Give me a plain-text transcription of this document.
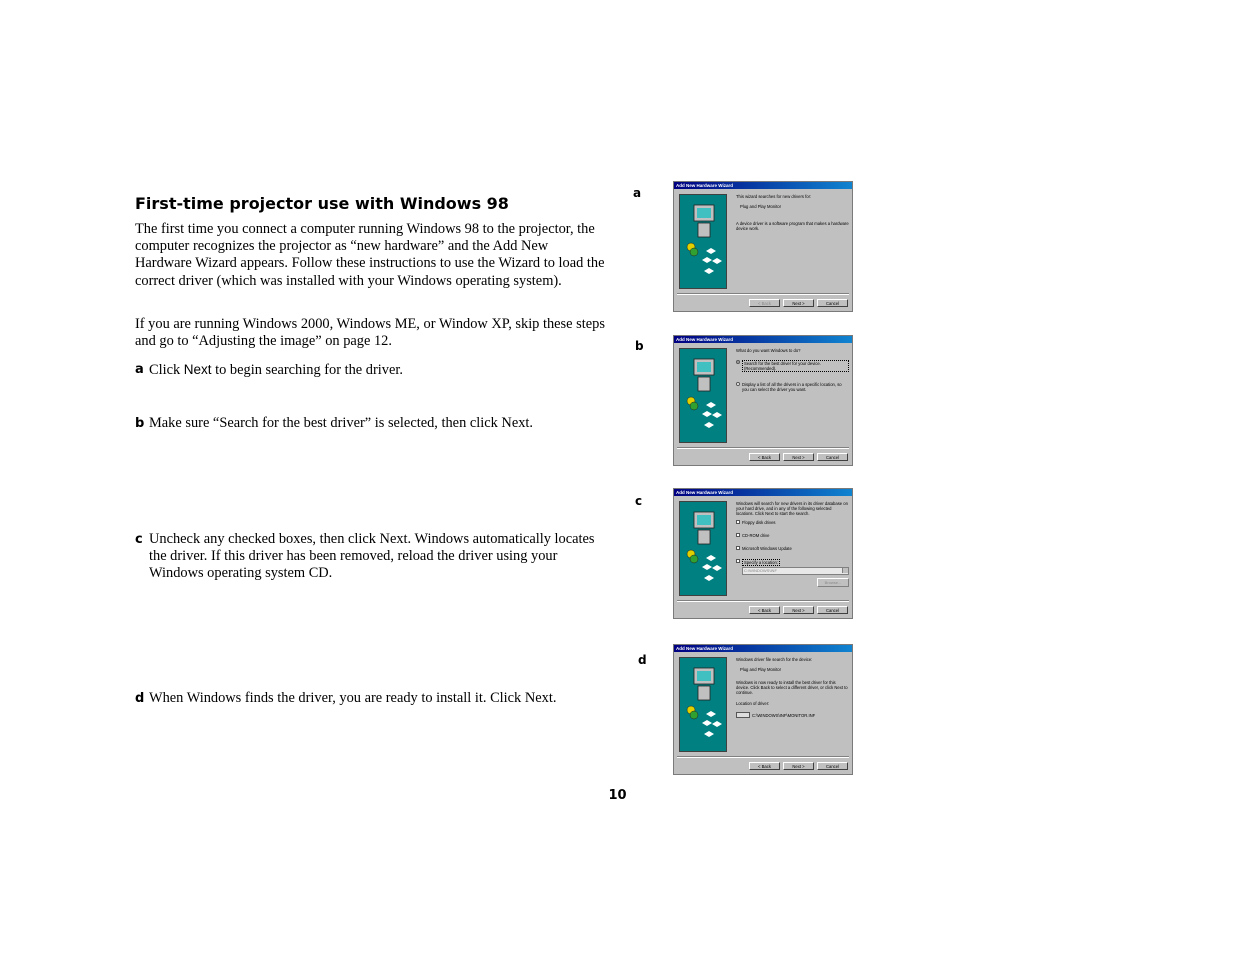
First-time projector use with Windows 98

The first time you connect a computer running Windows 98 to the projector, the computer recognizes the projector as “new hardware” and the Add New Hardware Wizard appears. Follow these instructions to use the Wizard to load the correct driver (which was installed with your Windows operating system).

If you are running Windows 2000, Windows ME, or Window XP, skip these steps and go to “Adjusting the image” on page 12.

a Click Next to begin searching for the driver.
b Make sure “Search for the best driver” is selected, then click Next.
c Uncheck any checked boxes, then click Next. Windows automatically locates the driver. If this driver has been removed, reload the driver using your Windows operating system CD.
d When Windows finds the driver, you are ready to install it. Click Next.
a
b
c
d
Add New Hardware Wizard

This wizard searches for new drivers for:

Plug and Play Monitor

A device driver is a software program that makes a hardware device work.

< Back	Next >	Cancel
Add New Hardware Wizard

What do you want Windows to do?

Search for the best driver for your device. (Recommended).
Display a list of all the drivers in a specific location, so you can select the driver you want.
< Back	Next >	Cancel
Add New Hardware Wizard

Windows will search for new drivers in its driver database on your hard drive, and in any of the following selected locations. Click Next to start the search.

Floppy disk drives
CD-ROM drive
Microsoft Windows Update
Specify a location:
C:\WINDOWS\INF
Browse...
< Back	Next >	Cancel
Add New Hardware Wizard

Windows driver file search for the device:

Plug and Play Monitor

Windows is now ready to install the best driver for this device. Click Back to select a different driver, or click Next to continue.

Location of driver:

C:\WINDOWS\INF\MONITOR.INF
< Back	Next >	Cancel
10
